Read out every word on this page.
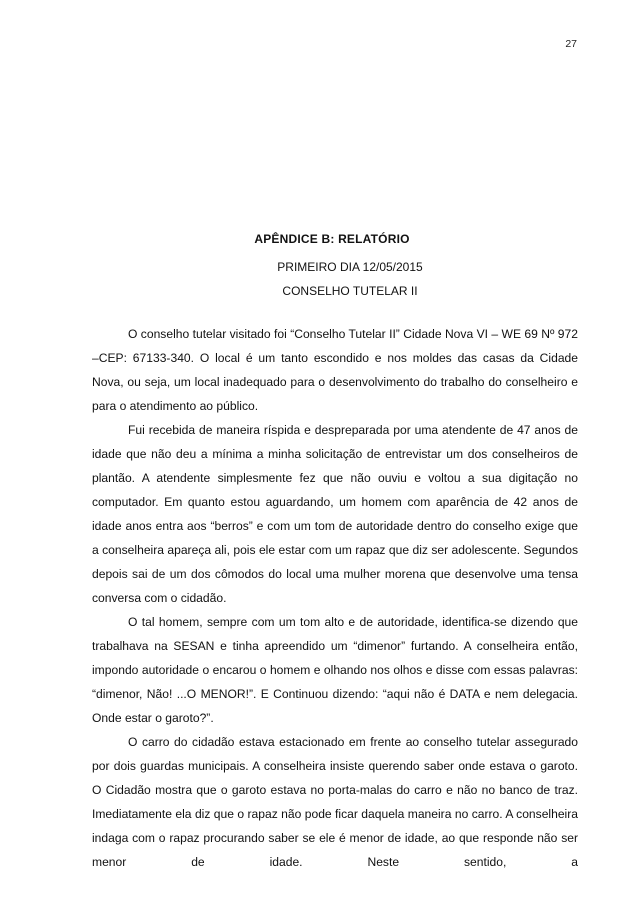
27
APÊNDICE B: RELATÓRIO
PRIMEIRO DIA 12/05/2015
CONSELHO TUTELAR II

O conselho tutelar visitado foi “Conselho Tutelar II” Cidade Nova VI – WE 69 Nº 972 –CEP: 67133-340. O local é um tanto escondido e nos moldes das casas da Cidade Nova, ou seja, um local inadequado para o desenvolvimento do trabalho do conselheiro e para o atendimento ao público.

Fui recebida de maneira ríspida e despreparada por uma atendente de 47 anos de idade que não deu a mínima a minha solicitação de entrevistar um dos conselheiros de plantão. A atendente simplesmente fez que não ouviu e voltou a sua digitação no computador. Em quanto estou aguardando, um homem com aparência de 42 anos de idade anos entra aos “berros” e com um tom de autoridade dentro do conselho exige que a conselheira apareça ali, pois ele estar com um rapaz que diz ser adolescente. Segundos depois sai de um dos cômodos do local uma mulher morena que desenvolve uma tensa conversa com o cidadão.

O tal homem, sempre com um tom alto e de autoridade, identifica-se dizendo que trabalhava na SESAN e tinha apreendido um “dimenor” furtando. A conselheira então, impondo autoridade o encarou o homem e olhando nos olhos e disse com essas palavras: “dimenor, Não! ...O MENOR!”. E Continuou dizendo: “aqui não é DATA e nem delegacia. Onde estar o garoto?”.

O carro do cidadão estava estacionado em frente ao conselho tutelar assegurado por dois guardas municipais. A conselheira insiste querendo saber onde estava o garoto. O Cidadão mostra que o garoto estava no porta-malas do carro e não no banco de traz. Imediatamente ela diz que o rapaz não pode ficar daquela maneira no carro. A conselheira indaga com o rapaz procurando saber se ele é menor de idade, ao que responde não ser menor de idade. Neste sentido, a
